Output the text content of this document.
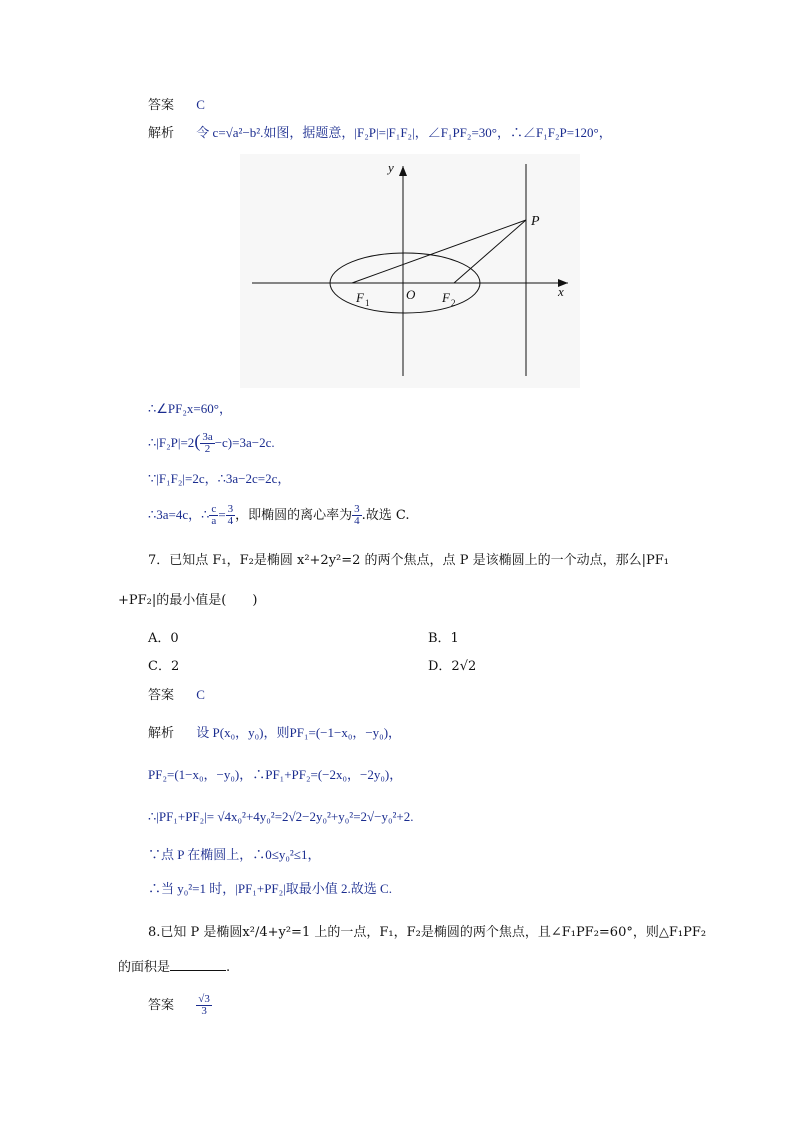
答案 C
解析 令 c=√a²−b².如图，据题意，|F₂P|=|F₁F₂|，∠F₁PF₂=30°，∴∠F₁F₂P=120°，
y
x
P
F 1
O F 2
∴∠PF₂x=60°，
∴|F₂P|=2( $\frac{3a}{2} -c)=3a-2c$.
∵|F₁F₂|=2c，∴3a−2c=2c，
∴3a=4c，∴ $\frac{c}{a} = \frac{3}{4}$ ，即椭圆的离心率为 $\frac{3}{4}$ .故选 C.
7．已知点 F₁，F₂是椭圆 x²+2y²=2 的两个焦点，点 P 是该椭圆上的一个动点，那么|PF₁
+PF₂|的最小值是(　　)
A．0	B．1
C．2	D．2√2
答案 C
解析 设 P(x₀，y₀)，则PF₁=(−1−x₀，−y₀)，
PF₂=(1−x₀，−y₀)，∴PF₁+PF₂=(−2x₀，−2y₀)，
∴|PF₁+PF₂|= √4x₀²+4y₀²=2√2−2y₀²+y₀²=2√−y₀²+2.
∵点 P 在椭圆上，∴0≤y₀²≤1，
∴当 y₀²=1 时，|PF₁+PF₂|取最小值 2.故选 C.
8.已知 P 是椭圆x²/4+y²=1 上的一点，F₁，F₂是椭圆的两个焦点，且∠F₁PF₂=60°，则△F₁PF₂
的面积是	.
答案 $\frac{√3}{3}$
